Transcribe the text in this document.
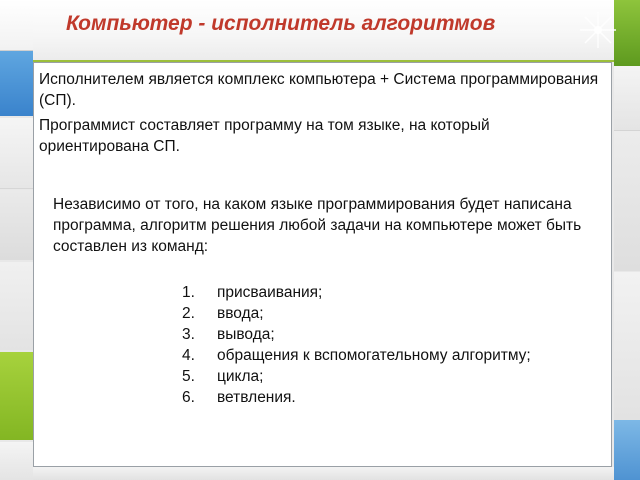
Компьютер - исполнитель алгоритмов
Исполнителем является комплекс компьютера + Система программирования (СП).
Программист составляет программу на том языке, на который ориентирована СП.
Независимо от того, на каком языке программирования будет написана программа, алгоритм решения любой задачи на компьютере может быть составлен из команд:
1. присваивания;
2. ввода;
3. вывода;
4. обращения к вспомогательному алгоритму;
5. цикла;
6. ветвления.
